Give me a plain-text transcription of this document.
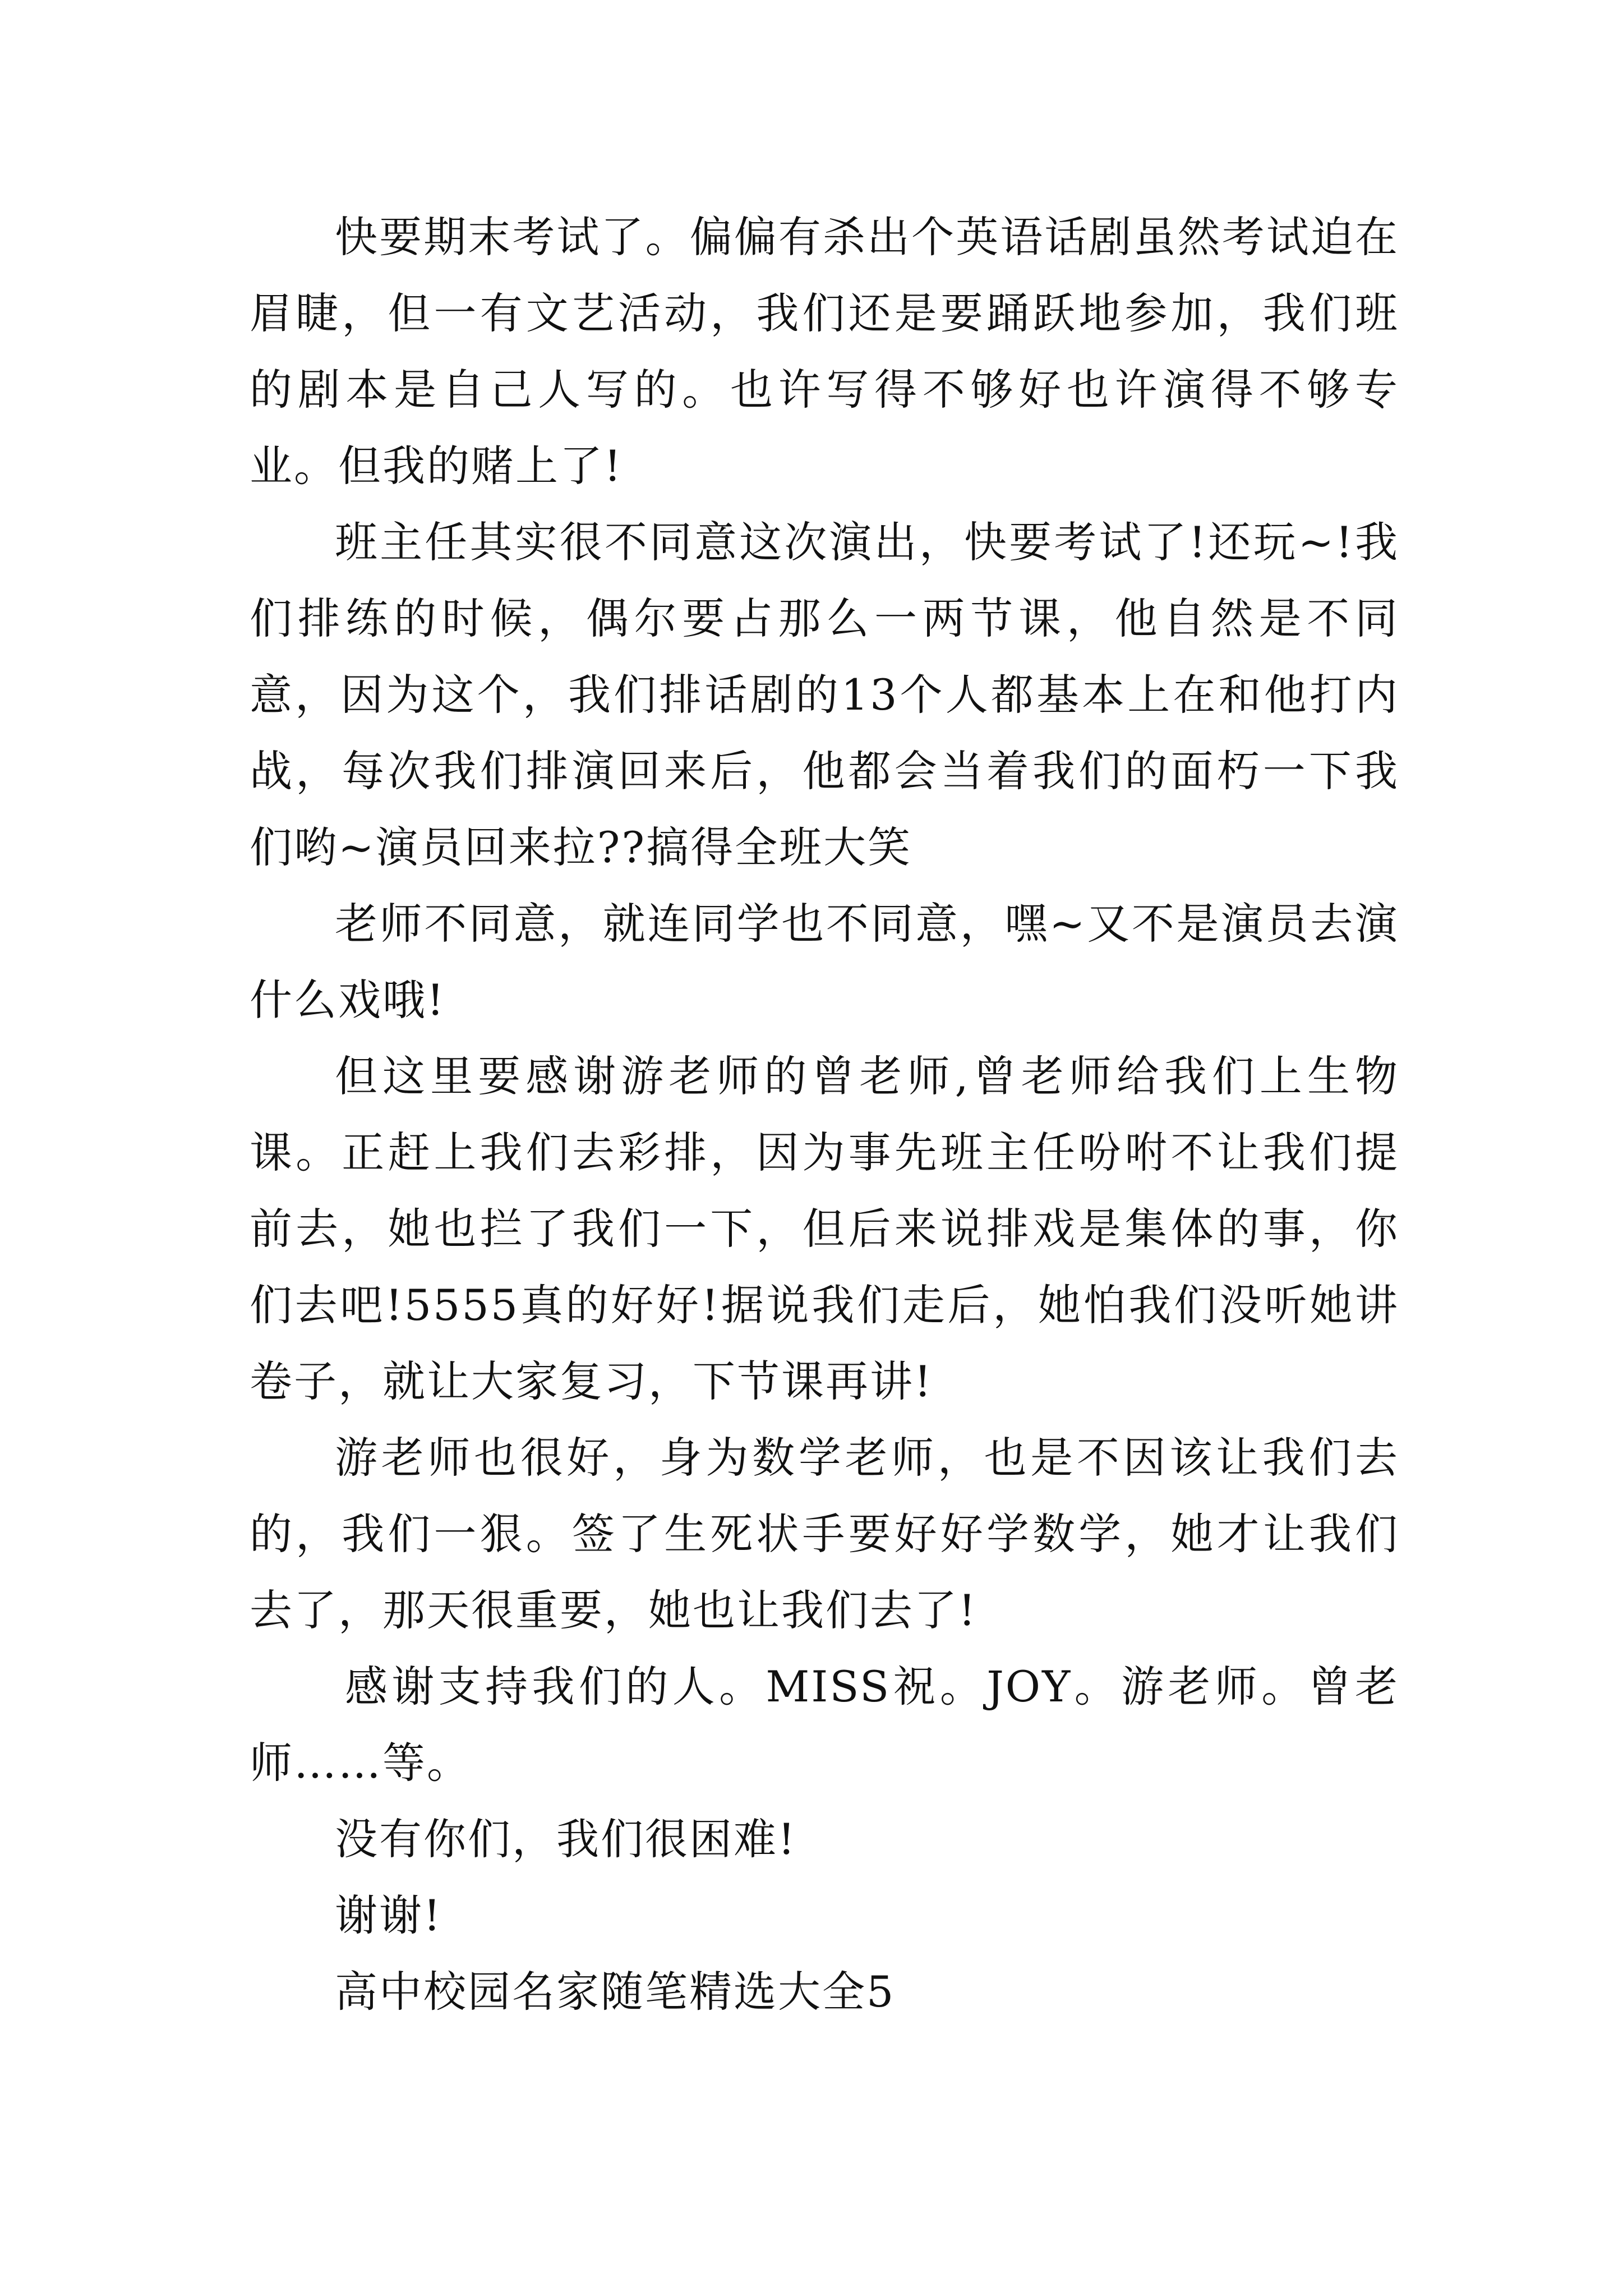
快要期末考试了。偏偏有杀出个英语话剧虽然考试迫在眉睫，但一有文艺活动，我们还是要踊跃地参加，我们班的剧本是自己人写的。也许写得不够好也许演得不够专业。但我的赌上了!

班主任其实很不同意这次演出，快要考试了!还玩~!我们排练的时候，偶尔要占那么一两节课，他自然是不同意，因为这个，我们排话剧的13个人都基本上在和他打内战，每次我们排演回来后，他都会当着我们的面朽一下我们哟~演员回来拉??搞得全班大笑

老师不同意，就连同学也不同意，嘿~又不是演员去演什么戏哦!

但这里要感谢游老师的曾老师,曾老师给我们上生物课。正赶上我们去彩排，因为事先班主任吩咐不让我们提前去，她也拦了我们一下，但后来说排戏是集体的事，你们去吧!5555真的好好!据说我们走后，她怕我们没听她讲卷子，就让大家复习，下节课再讲!

游老师也很好，身为数学老师，也是不因该让我们去的，我们一狠。签了生死状手要好好学数学，她才让我们去了，那天很重要，她也让我们去了!

感谢支持我们的人。MISS祝。JOY。游老师。曾老师……等。

没有你们，我们很困难!

谢谢!

高中校园名家随笔精选大全5
